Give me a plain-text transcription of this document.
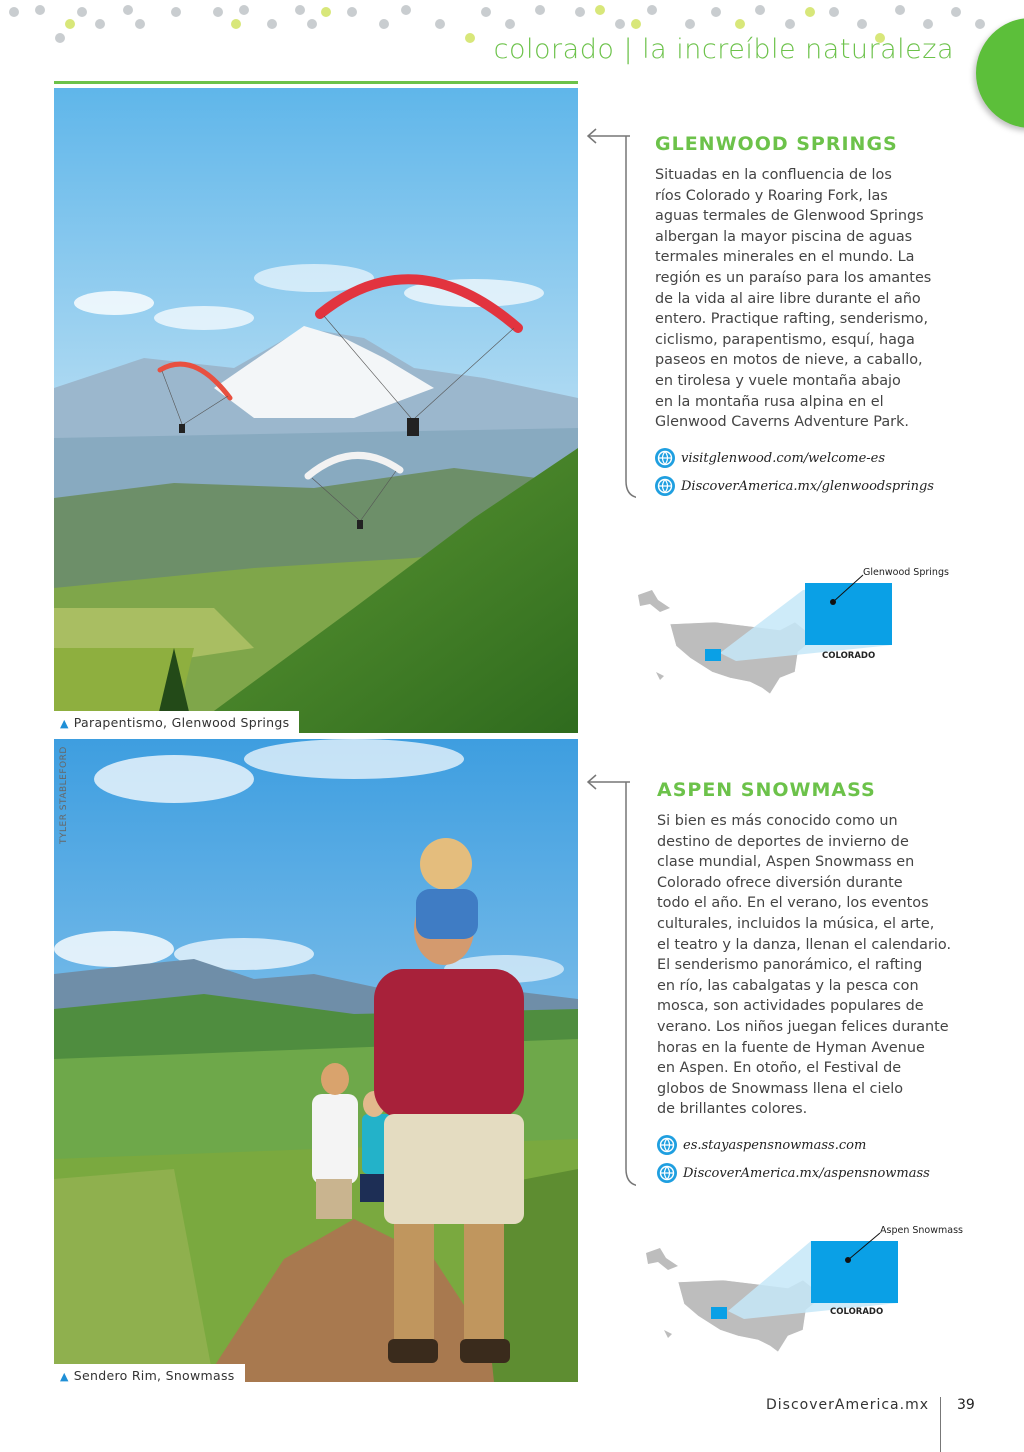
colorado | la increíble naturaleza
▲ Parapentismo, Glenwood Springs
▲ Sendero Rim, Snowmass
TYLER STABLEFORD
GLENWOOD SPRINGS
Situadas en la confluencia de los
ríos Colorado y Roaring Fork, las
aguas termales de Glenwood Springs
albergan la mayor piscina de aguas
termales minerales en el mundo. La
región es un paraíso para los amantes
de la vida al aire libre durante el año
entero. Practique rafting, senderismo,
ciclismo, parapentismo, esquí, haga
paseos en motos de nieve, a caballo,
en tirolesa y vuele montaña abajo
en la montaña rusa alpina en el
Glenwood Caverns Adventure Park.
visitglenwood.com/welcome-es
DiscoverAmerica.mx/glenwoodsprings
Glenwood Springs
COLORADO
ASPEN SNOWMASS
Si bien es más conocido como un
destino de deportes de invierno de
clase mundial, Aspen Snowmass en
Colorado ofrece diversión durante
todo el año. En el verano, los eventos
culturales, incluidos la música, el arte,
el teatro y la danza, llenan el calendario.
El senderismo panorámico, el rafting
en río, las cabalgatas y la pesca con
mosca, son actividades populares de
verano. Los niños juegan felices durante
horas en la fuente de Hyman Avenue
en Aspen. En otoño, el Festival de
globos de Snowmass llena el cielo
de brillantes colores.
es.stayaspensnowmass.com
DiscoverAmerica.mx/aspensnowmass
Aspen Snowmass
COLORADO
DiscoverAmerica.mx 39
